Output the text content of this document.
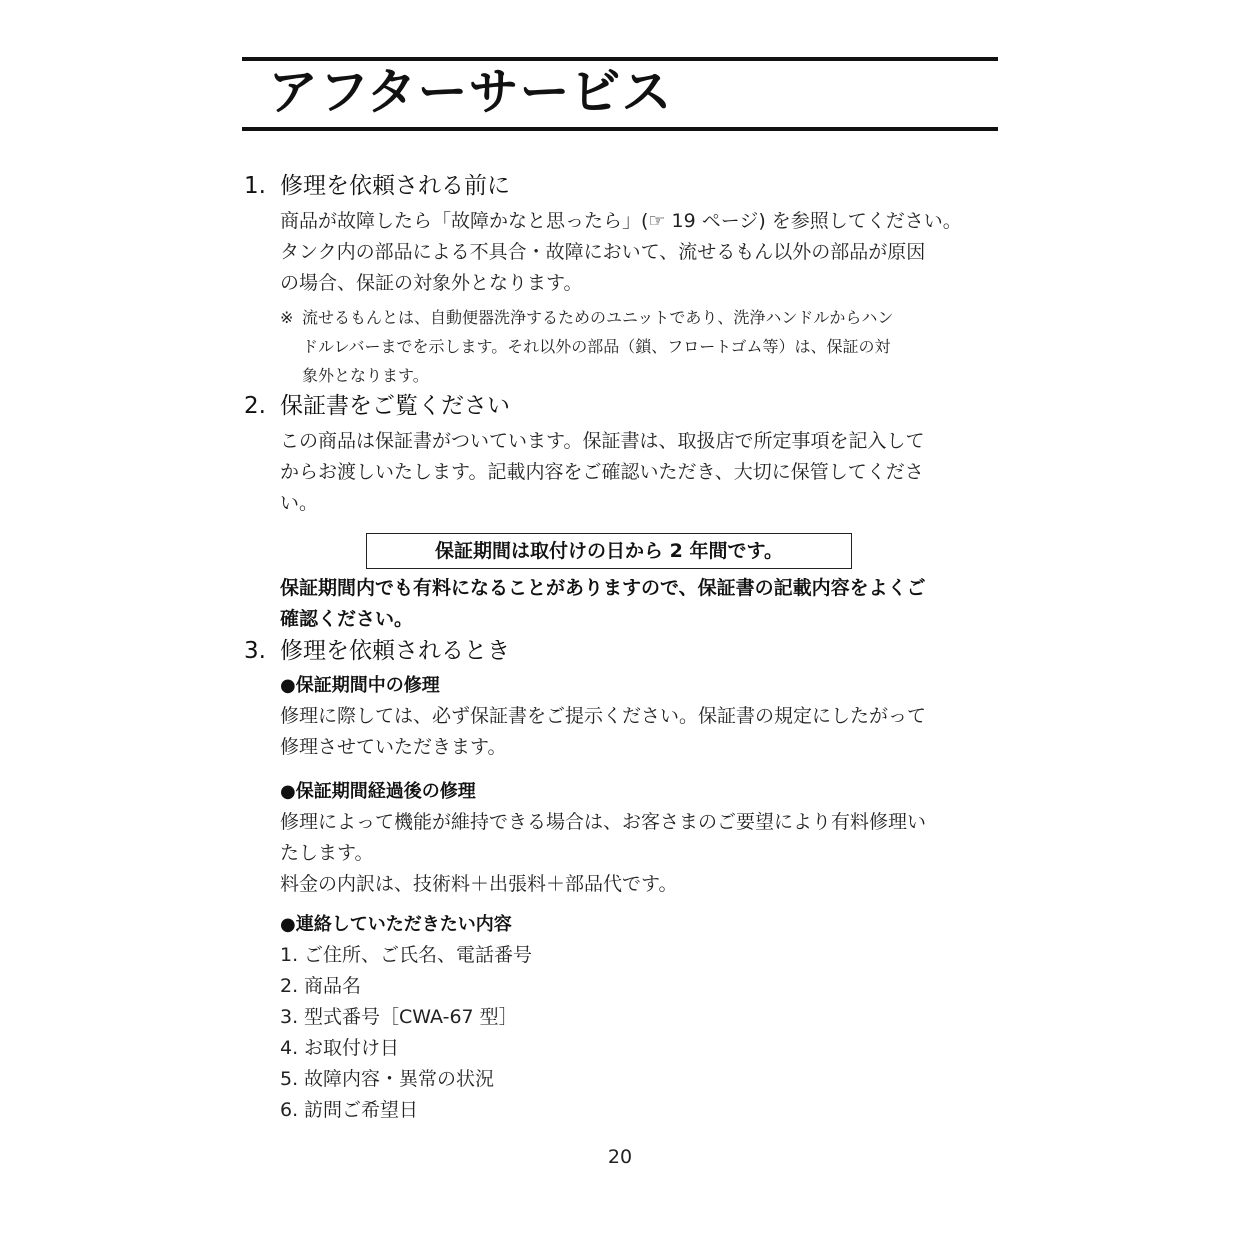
アフターサービス
1. 修理を依頼される前に
商品が故障したら「故障かなと思ったら」(☞ 19 ページ) を参照してください。
タンク内の部品による不具合・故障において、流せるもん以外の部品が原因
の場合、保証の対象外となります。
※ 流せるもんとは、自動便器洗浄するためのユニットであり、洗浄ハンドルからハン
ドルレバーまでを示します。それ以外の部品（鎖、フロートゴム等）は、保証の対
象外となります。
2. 保証書をご覧ください
この商品は保証書がついています。保証書は、取扱店で所定事項を記入して
からお渡しいたします。記載内容をご確認いただき、大切に保管してくださ
い。
保証期間は取付けの日から 2 年間です。
保証期間内でも有料になることがありますので、保証書の記載内容をよくご
確認ください。
3. 修理を依頼されるとき
●保証期間中の修理
修理に際しては、必ず保証書をご提示ください。保証書の規定にしたがって
修理させていただきます。
●保証期間経過後の修理
修理によって機能が維持できる場合は、お客さまのご要望により有料修理い
たします。
料金の内訳は、技術料＋出張料＋部品代です。
●連絡していただきたい内容
1. ご住所、ご氏名、電話番号
2. 商品名
3. 型式番号［CWA-67 型］
4. お取付け日
5. 故障内容・異常の状況
6. 訪問ご希望日
20
